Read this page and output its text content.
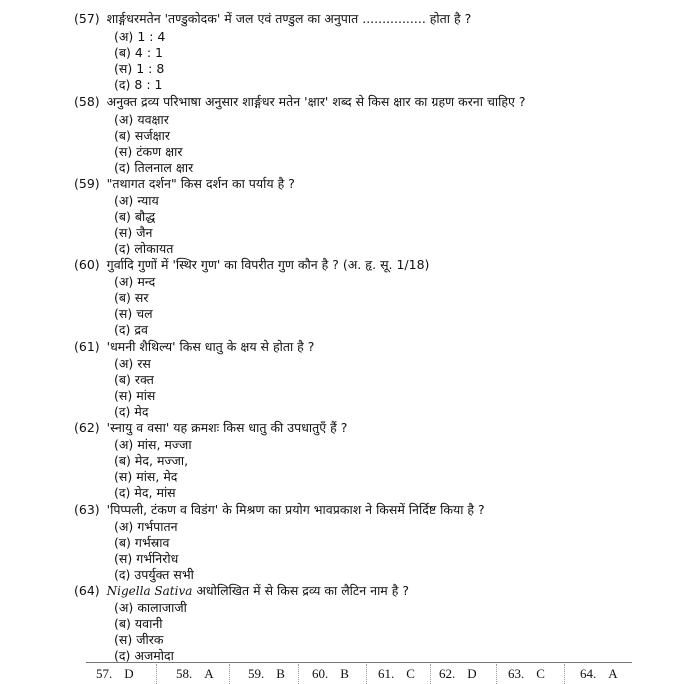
(57) शार्ङ्गधरमतेन 'तण्डुकोदक' में जल एवं तण्डुल का अनुपात ................ होता है ?
(अ) 1 : 4
(ब) 4 : 1
(स) 1 : 8
(द) 8 : 1
(58) अनुक्त द्रव्य परिभाषा अनुसार शार्ङ्गधर मतेन 'क्षार' शब्द से किस क्षार का ग्रहण करना चाहिए ?
(अ) यवक्षार
(ब) सर्जक्षार
(स) टंकण क्षार
(द) तिलनाल क्षार
(59) "तथागत दर्शन" किस दर्शन का पर्याय है ?
(अ) न्याय
(ब) बौद्ध
(स) जैन
(द) लोकायत
(60) गुर्वादि गुणों में 'स्थिर गुण' का विपरीत गुण कौन है ? (अ. हृ. सू. 1/18)
(अ) मन्द
(ब) सर
(स) चल
(द) द्रव
(61) 'धमनी शैथिल्य' किस धातु के क्षय से होता है ?
(अ) रस
(ब) रक्त
(स) मांस
(द) मेद
(62) 'स्नायु व वसा' यह क्रमशः किस धातु की उपधातुएँ हैं ?
(अ) मांस, मज्जा
(ब) मेद, मज्जा,
(स) मांस, मेद
(द) मेद, मांस
(63) 'पिप्पली, टंकण व विडंग' के मिश्रण का प्रयोग भावप्रकाश ने किसमें निर्दिष्ट किया है ?
(अ) गर्भपातन
(ब) गर्भस्राव
(स) गर्भनिरोध
(द) उपर्युक्त सभी
(64) Nigella Sativa अधोलिखित में से किस द्रव्य का लैटिन नाम है ?
(अ) कालाजाजी
(ब) यवानी
(स) जीरक
(द) अजमोदा
57. D	58. A	59. B 60. B 61. C 62. D 63. C	64. A
